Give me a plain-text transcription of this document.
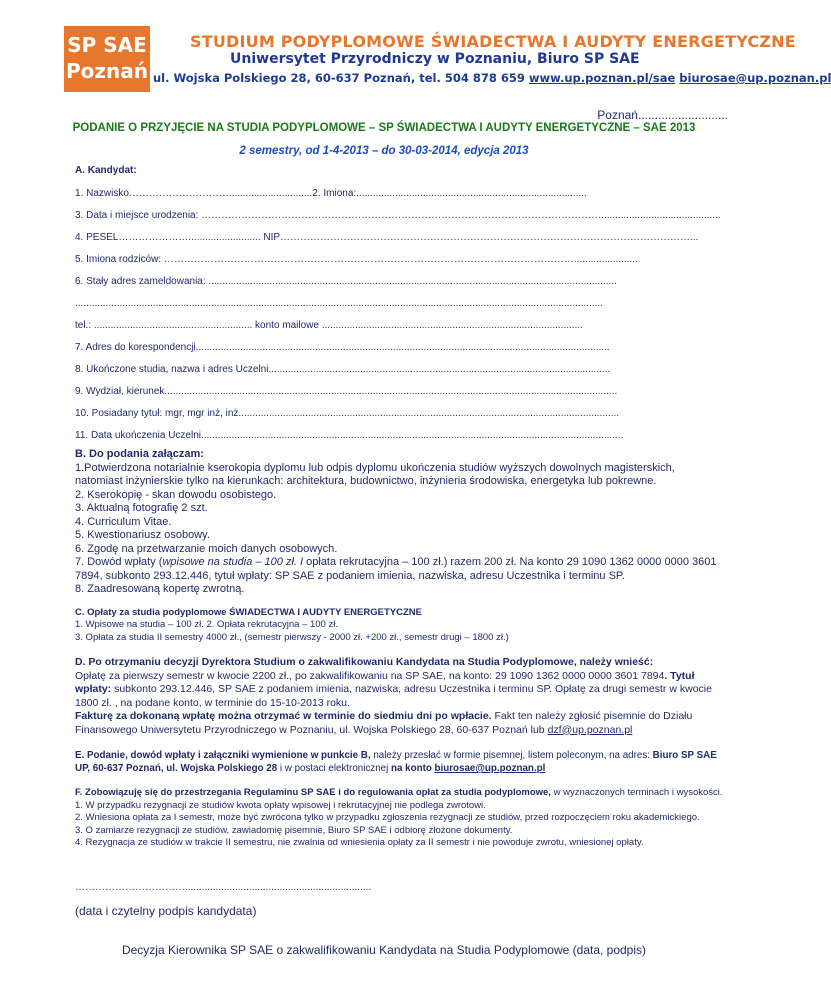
SP SAE
Poznań
STUDIUM PODYPLOMOWE ŚWIADECTWA I AUDYTY ENERGETYCZNE
Uniwersytet Przyrodniczy w Poznaniu, Biuro SP SAE
ul. Wojska Polskiego 28, 60-637 Poznań, tel. 504 878 659 www.up.poznan.pl/sae biurosae@up.poznan.pl
Poznań...........................
PODANIE O PRZYJĘCIE NA STUDIA PODYPLOMOWE – SP ŚWIADECTWA I AUDYTY ENERGETYCZNE – SAE 2013
2 semestry, od 1-4-2013 – do 30-03-2014, edycja 2013
A. Kandydat:
1. Nazwisko…………………………..............................2. Imiona:...................................................................................
3. Data i miejsce urodzenia: …………………………………………………………………………………………………………...........................................
4. PESEL………………….......................... NIP……………………………………………………………………………………………………………...
5. Imiona rodziców: …………………………………………………………………………………………………………….......................
6. Stały adres zameldowania: ...................................................................................................................................................
..............................................................................................................................................................................................
tel.: ......................................................... konto mailowe ..............................................................................................
7. Adres do korespondencji.....................................................................................................................................................
8. Ukończone studia, nazwa i adres Uczelni...........................................................................................................................
9. Wydział, kierunek...................................................................................................................................................................
10. Posiadany tytuł: mgr, mgr inż, inż.........................................................................................................................................
11. Data ukończenia Uczelni........................................................................................................................................................
B. Do podania załączam:
1.Potwierdzona notarialnie kserokopia dyplomu lub odpis dyplomu ukończenia studiów wyższych dowolnych magisterskich, natomiast inżynierskie tylko na kierunkach: architektura, budownictwo, inżynieria środowiska, energetyka lub pokrewne.
2. Kserokopię - skan dowodu osobistego.
3. Aktualną fotografię 2 szt.
4. Curriculum Vitae.
5. Kwestionariusz osobowy.
6. Zgodę na przetwarzanie moich danych osobowych.
7. Dowód wpłaty (wpisowe na studia – 100 zł. I opłata rekrutacyjna – 100 zł.) razem 200 zł. Na konto 29 1090 1362 0000 0000 3601 7894, subkonto 293.12.446, tytuł wpłaty: SP SAE z podaniem imienia, nazwiska, adresu Uczestnika i terminu SP.
8. Zaadresowaną kopertę zwrotną.
C. Opłaty za studia podyplomowe ŚWIADECTWA I AUDYTY ENERGETYCZNE
1. Wpisowe na studia – 100 zł. 2. Opłata rekrutacyjna – 100 zł.
3. Opłata za studia II semestry 4000 zł., (semestr pierwszy - 2000 zł. +200 zł., semestr drugi – 1800 zł.)
D. Po otrzymaniu decyzji Dyrektora Studium o zakwalifikowaniu Kandydata na Studia Podyplomowe, należy wnieść:
Opłatę za pierwszy semestr w kwocie 2200 zł., po zakwalifikowaniu na SP SAE, na konto: 29 1090 1362 0000 0000 3601 7894. Tytuł wpłaty: subkonto 293.12.446, SP SAE z podaniem imienia, nazwiska, adresu Uczestnika i terminu SP. Opłatę za drugi semestr w kwocie 1800 zł. , na podane konto, w terminie do 15-10-2013 roku.
Fakturę za dokonaną wpłatę można otrzymać w terminie do siedmiu dni po wpłacie. Fakt ten należy zgłosić pisemnie do Działu Finansowego Uniwersytetu Przyrodniczego w Poznaniu, ul. Wojska Polskiego 28, 60-637 Poznań lub dzf@up.poznan.pl
E. Podanie, dowód wpłaty i załączniki wymienione w punkcie B, należy przesłać w formie pisemnej, listem poleconym, na adres: Biuro SP SAE UP, 60-637 Poznań, ul. Wojska Polskiego 28 i w postaci elektronicznej na konto biurosae@up.poznan.pl
F. Zobowiązuję się do przestrzegania Regulaminu SP SAE i do regulowania opłat za studia podyplomowe, w wyznaczonych terminach i wysokości.
1. W przypadku rezygnacji ze studiów kwota opłaty wpisowej i rekrutacyjnej nie podlega zwrotowi.
2. Wniesiona opłata za I semestr, może być zwrócona tylko w przypadku zgłoszenia rezygnacji ze studiów, przed rozpoczęciem roku akademickiego.
3. O zamiarze rezygnacji ze studiów, zawiadomię pisemnie, Biuro SP SAE i odbiorę złożone dokumenty.
4. Rezygnacja ze studiów w trakcie II semestru, nie zwalnia od wniesienia opłaty za II semestr i nie powoduje zwrotu, wniesionej opłaty.
……………………………...................................................................
(data i czytelny podpis kandydata)
Decyzja Kierownika SP SAE o zakwalifikowaniu Kandydata na Studia Podyplomowe (data, podpis)
